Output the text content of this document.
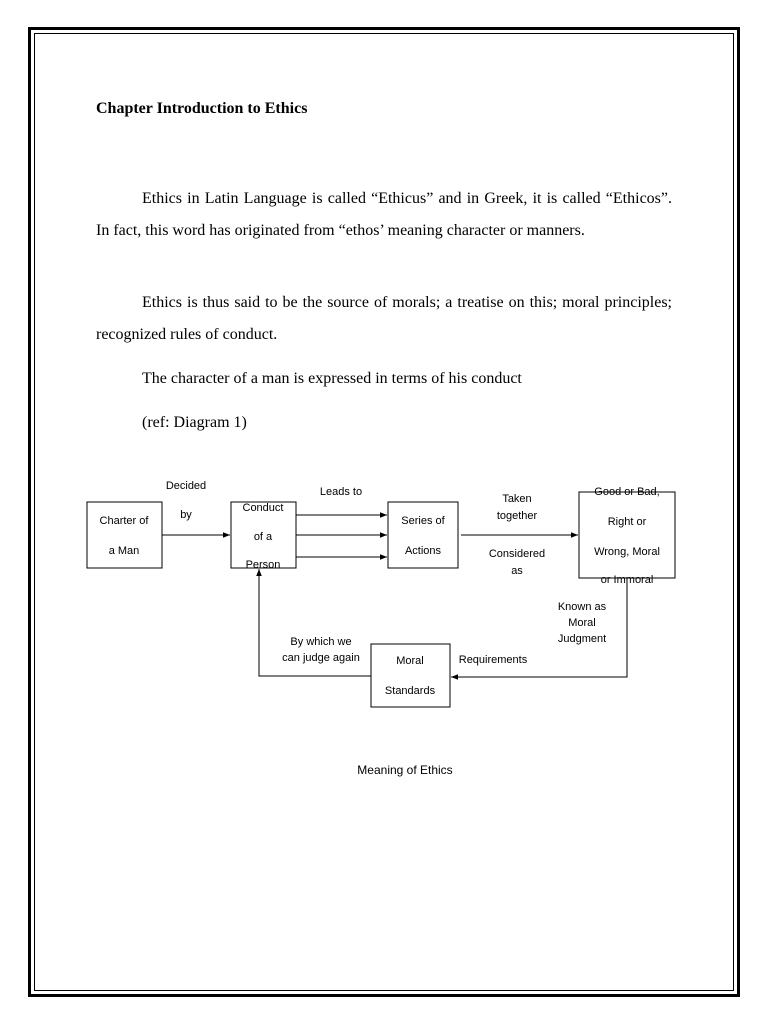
Chapter Introduction to Ethics

Ethics in Latin Language is called “Ethicus” and in Greek, it is called “Ethicos”. In fact, this word has originated from “ethos’ meaning character or manners.

Ethics is thus said to be the source of morals; a treatise on this; moral principles; recognized rules of conduct.

The character of a man is expressed in terms of his conduct
(ref: Diagram 1)
Charter of
a Man
Conduct
of a
Person
Series of
Actions
Good or Bad,
Right or
Wrong, Moral
or Immoral
Moral
Standards
Decided
by
Leads to
Taken
together
Considered
as
Known as
Moral
Judgment
Requirements
By which we
can judge again
Meaning of Ethics
